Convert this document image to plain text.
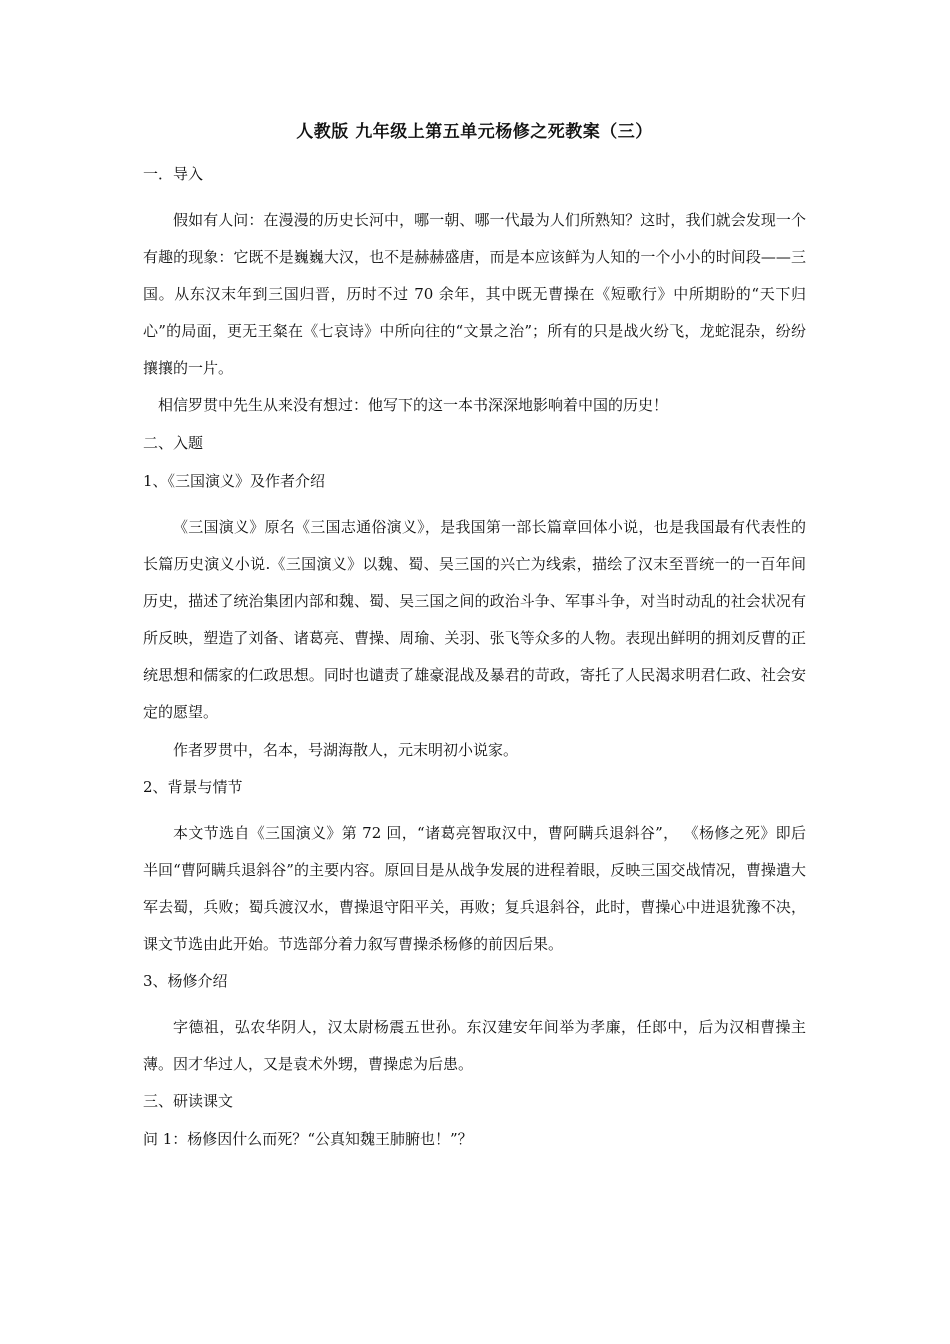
人教版 九年级上第五单元杨修之死教案（三）
一．导入

假如有人问：在漫漫的历史长河中，哪一朝、哪一代最为人们所熟知？这时，我们就会发现一个有趣的现象：它既不是巍巍大汉，也不是赫赫盛唐，而是本应该鲜为人知的一个小小的时间段——三国。从东汉末年到三国归晋，历时不过 70 余年，其中既无曹操在《短歌行》中所期盼的“天下归心”的局面，更无王粲在《七哀诗》中所向往的“文景之治”；所有的只是战火纷飞，龙蛇混杂，纷纷攘攘的一片。

相信罗贯中先生从来没有想过：他写下的这一本书深深地影响着中国的历史！

二、入题
1、《三国演义》及作者介绍

《三国演义》原名《三国志通俗演义》，是我国第一部长篇章回体小说，也是我国最有代表性的长篇历史演义小说.《三国演义》以魏、蜀、吴三国的兴亡为线索，描绘了汉末至晋统一的一百年间历史，描述了统治集团内部和魏、蜀、吴三国之间的政治斗争、军事斗争，对当时动乱的社会状况有所反映，塑造了刘备、诸葛亮、曹操、周瑜、关羽、张飞等众多的人物。表现出鲜明的拥刘反曹的正统思想和儒家的仁政思想。同时也谴责了雄豪混战及暴君的苛政，寄托了人民渴求明君仁政、社会安定的愿望。

作者罗贯中，名本，号湖海散人，元末明初小说家。

2、背景与情节

本文节选自《三国演义》第 72 回，“诸葛亮智取汉中，曹阿瞒兵退斜谷”， 《杨修之死》即后半回“曹阿瞒兵退斜谷”的主要内容。原回目是从战争发展的进程着眼，反映三国交战情况，曹操遣大军去蜀，兵败；蜀兵渡汉水，曹操退守阳平关，再败；复兵退斜谷，此时，曹操心中进退犹豫不决，课文节选由此开始。节选部分着力叙写曹操杀杨修的前因后果。

3、杨修介绍

字德祖，弘农华阴人，汉太尉杨震五世孙。东汉建安年间举为孝廉，任郎中，后为汉相曹操主薄。因才华过人，又是袁术外甥，曹操虑为后患。

三、研读课文
问 1：杨修因什么而死？“公真知魏王肺腑也！”？
